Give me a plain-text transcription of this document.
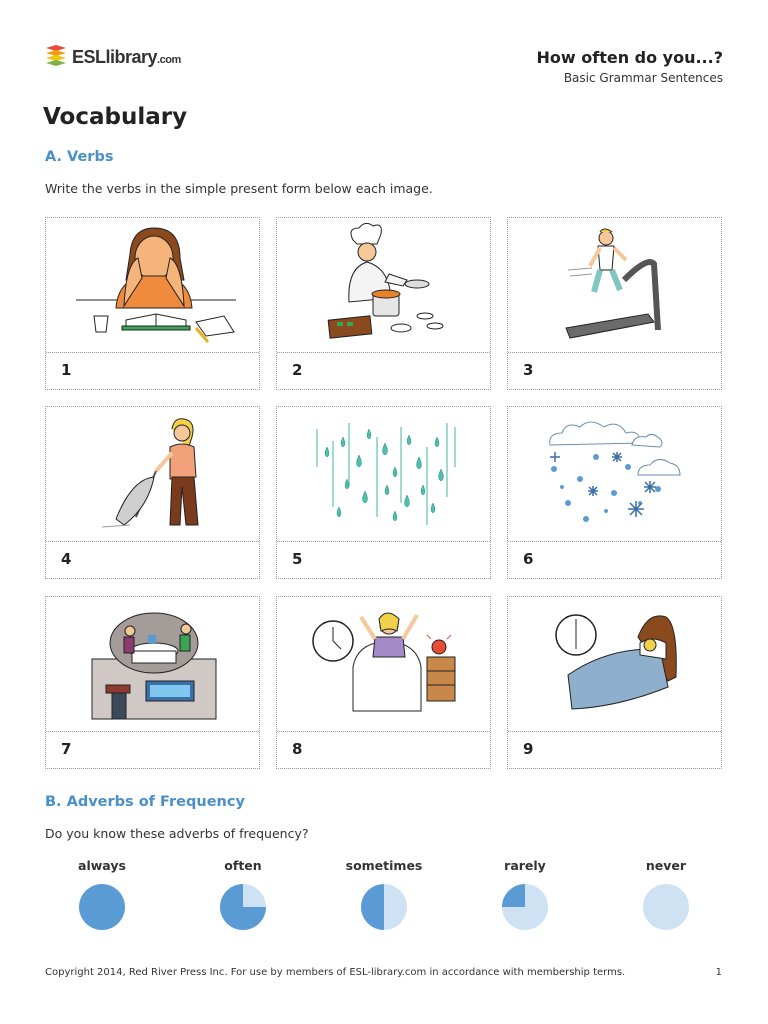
ESLlibrary.com	How often do you...?
Basic Grammar Sentences
Vocabulary
A. Verbs

Write the verbs in the simple present form below each image.

1	2	3
4	5	6
7	8	9
B. Adverbs of Frequency

Do you know these adverbs of frequency?

always	often	sometimes	rarely	never
Copyright 2014, Red River Press Inc. For use by members of ESL-library.com in accordance with membership terms.	1
